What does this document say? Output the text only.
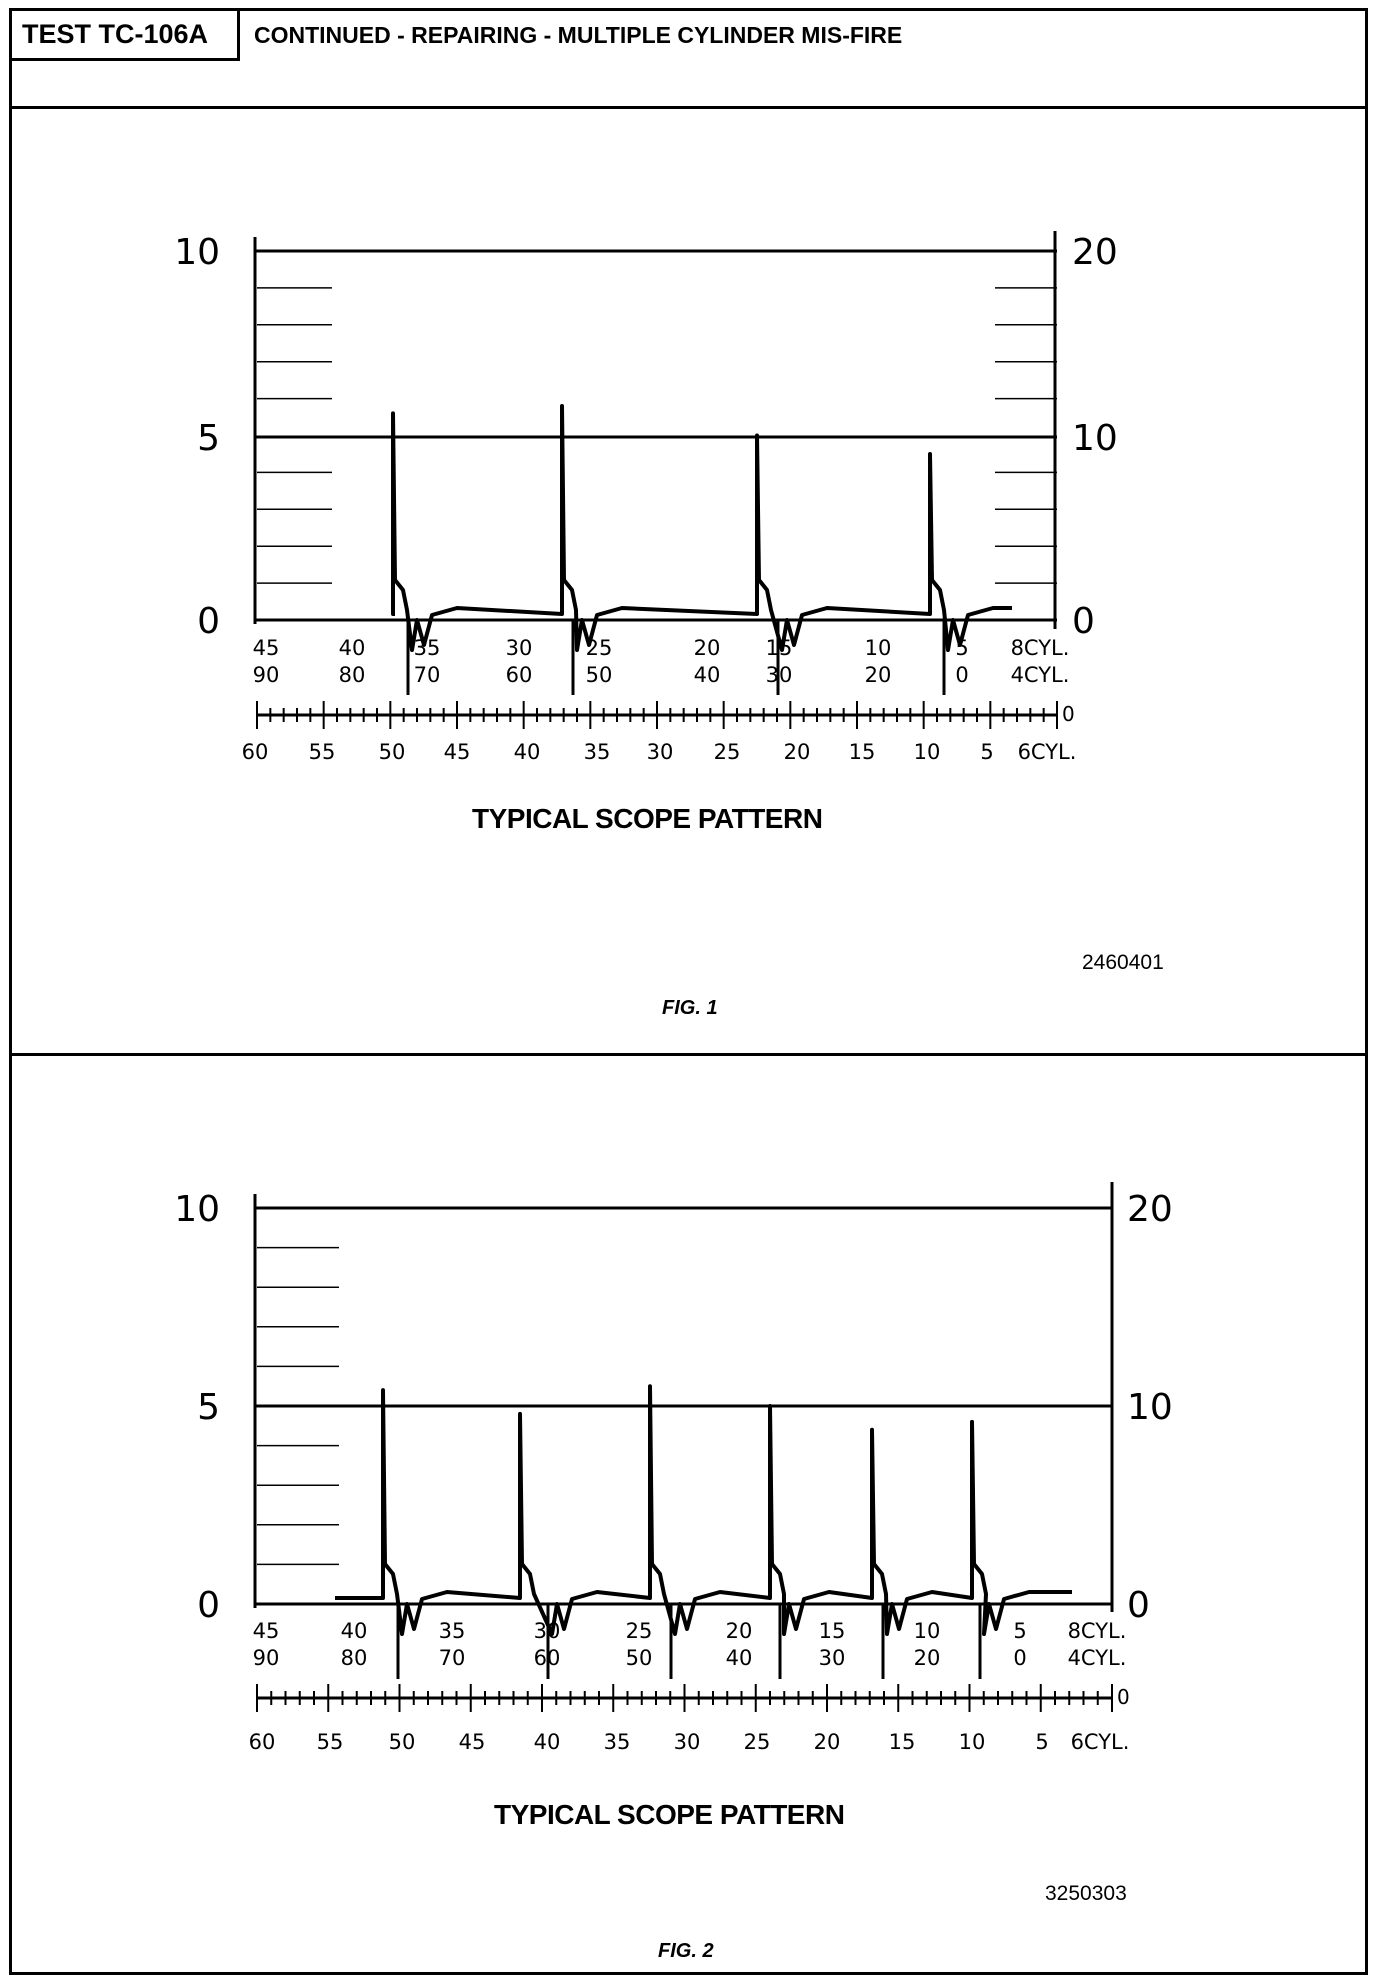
TEST TC-106A	CONTINUED - REPAIRING - MULTIPLE CYLINDER MIS-FIRE
10
5
0
20
10
0
45	40 35	30	25	20 15	10	5 8CYL.
90	80 70	60	50	40 30	20	0 4CYL.
0
60 55 50 45 40 35 30 25 20 15 10 5 6CYL.
TYPICAL SCOPE PATTERN
2460401
FIG. 1
10
5
0
20
10
0
45	40	35	30	25	20	15	10	5 8CYL.
90	80	70	60	50	40	30	20	0 4CYL.
0
60 55 50 45 40 35 30 25 20 15 10 5 6CYL.
TYPICAL SCOPE PATTERN
3250303
FIG. 2
